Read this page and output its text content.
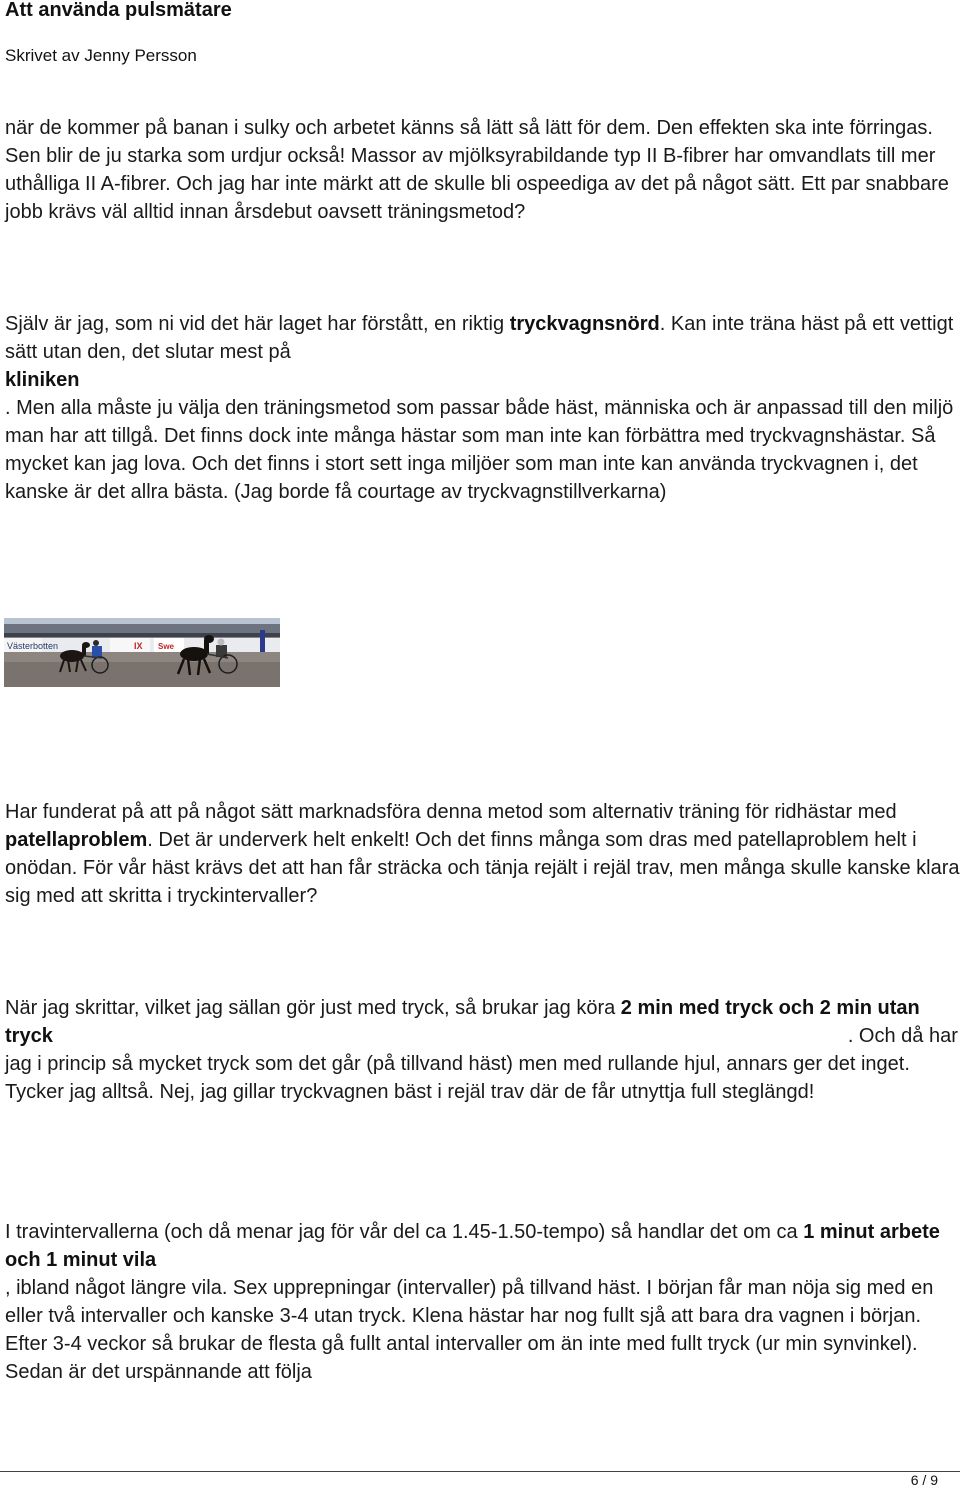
Att använda pulsmätare

Skrivet av Jenny Persson

när de kommer på banan i sulky och arbetet känns så lätt så lätt för dem. Den effekten ska inte förringas. Sen blir de ju starka som urdjur också! Massor av mjölksyrabildande typ II B-fibrer har omvandlats till mer uthålliga II A-fibrer. Och jag har inte märkt att de skulle bli ospeediga av det på något sätt. Ett par snabbare jobb krävs väl alltid innan årsdebut oavsett träningsmetod?

Själv är jag, som ni vid det här laget har förstått, en riktig tryckvagnsnörd. Kan inte träna häst på ett vettigt sätt utan den, det slutar mest på
kliniken
. Men alla måste ju välja den träningsmetod som passar både häst, människa och är anpassad till den miljö man har att tillgå. Det finns dock inte många hästar som man inte kan förbättra med tryckvagnshästar. Så mycket kan jag lova. Och det finns i stort sett inga miljöer som man inte kan använda tryckvagnen i, det kanske är det allra bästa. (Jag borde få courtage av tryckvagnstillverkarna)

Västerbotten	IX Swe

Har funderat på att på något sätt marknadsföra denna metod som alternativ träning för ridhästar med patellaproblem. Det är underverk helt enkelt! Och det finns många som dras med patellaproblem helt i onödan. För vår häst krävs det att han får sträcka och tänja rejält i rejäl trav, men många skulle kanske klara sig med att skritta i tryckintervaller?

När jag skrittar, vilket jag sällan gör just med tryck, så brukar jag köra 2 min med tryck och 2 min utan tryck	. Och då har jag i princip så mycket tryck som det går (på tillvand häst) men med rullande hjul, annars ger det inget. Tycker jag alltså. Nej, jag gillar tryckvagnen bäst i rejäl trav där de får utnyttja full steglängd!

I travintervallerna (och då menar jag för vår del ca 1.45-1.50-tempo) så handlar det om ca 1 minut arbete och 1 minut vila
, ibland något längre vila. Sex upprepningar (intervaller) på tillvand häst. I början får man nöja sig med en eller två intervaller och kanske 3-4 utan tryck. Klena hästar har nog fullt sjå att bara dra vagnen i början. Efter 3-4 veckor så brukar de flesta gå fullt antal intervaller om än inte med fullt tryck (ur min synvinkel). Sedan är det urspännande att följa

6 / 9
